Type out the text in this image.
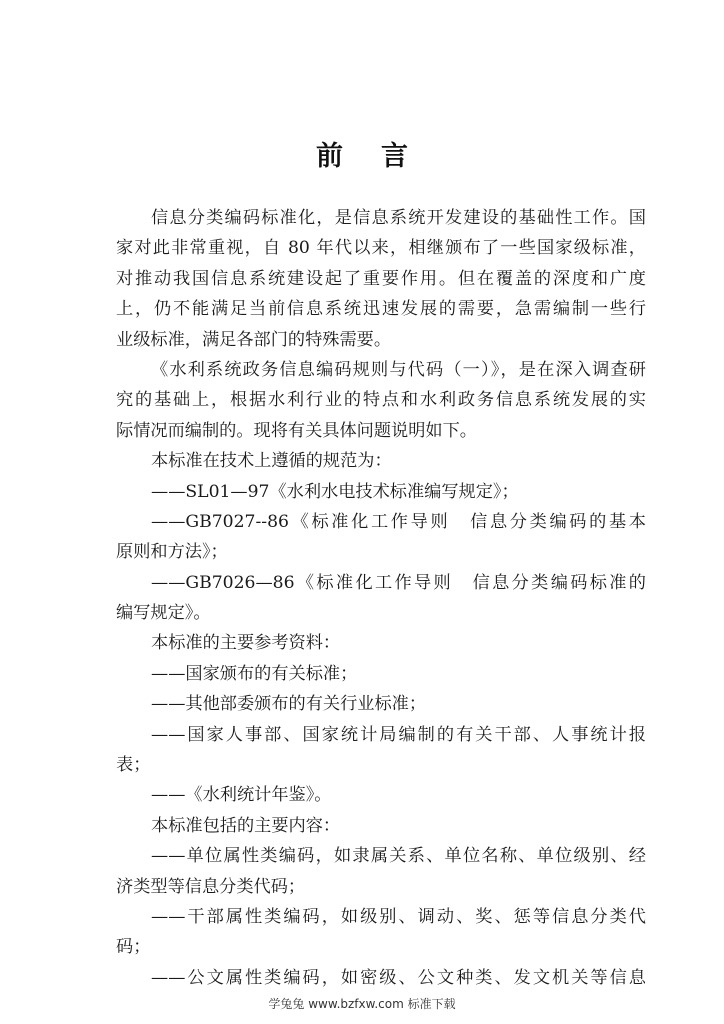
前言
信息分类编码标准化，是信息系统开发建设的基础性工作。国
家对此非常重视，自 80 年代以来，相继颁布了一些国家级标准，
对推动我国信息系统建设起了重要作用。但在覆盖的深度和广度
上，仍不能满足当前信息系统迅速发展的需要，急需编制一些行
业级标准，满足各部门的特殊需要。
《水利系统政务信息编码规则与代码（一）》，是在深入调查研
究的基础上，根据水利行业的特点和水利政务信息系统发展的实
际情况而编制的。现将有关具体问题说明如下。
本标准在技术上遵循的规范为：
——SL01—97《水利水电技术标准编写规定》；
——GB7027--86《标准化工作导则　信息分类编码的基本
原则和方法》；
——GB7026—86《标准化工作导则　信息分类编码标准的
编写规定》。
本标准的主要参考资料：
——国家颁布的有关标准；
——其他部委颁布的有关行业标准；
——国家人事部、国家统计局编制的有关干部、人事统计报
表；
——《水利统计年鉴》。
本标准包括的主要内容：
——单位属性类编码，如隶属关系、单位名称、单位级别、经
济类型等信息分类代码；
——干部属性类编码，如级别、调动、奖、惩等信息分类代
码；
——公文属性类编码，如密级、公文种类、发文机关等信息
学兔兔 www.bzfxw.com 标准下载
